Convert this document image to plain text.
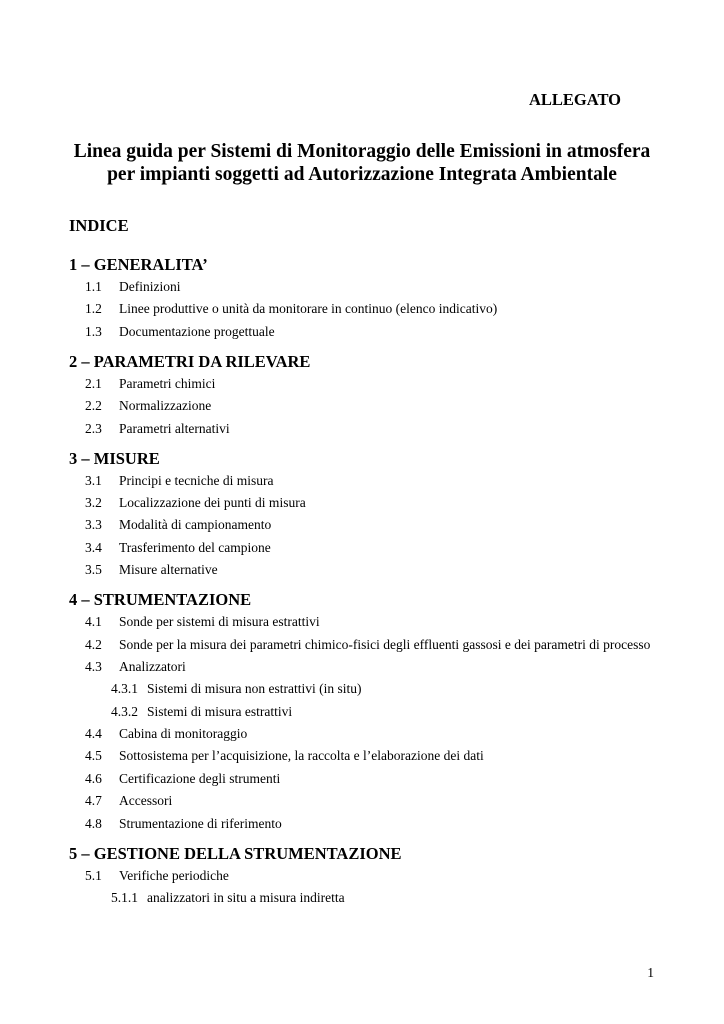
ALLEGATO

Linea guida per Sistemi di Monitoraggio delle Emissioni in atmosfera
per impianti soggetti ad Autorizzazione Integrata Ambientale

INDICE

1 – GENERALITA’
1.1	Definizioni
1.2	Linee produttive o unità da monitorare in continuo (elenco indicativo)
1.3	Documentazione progettuale
2 – PARAMETRI DA RILEVARE
2.1	Parametri chimici
2.2	Normalizzazione
2.3	Parametri alternativi
3 – MISURE
3.1	Principi e tecniche di misura
3.2	Localizzazione dei punti di misura
3.3	Modalità di campionamento
3.4	Trasferimento del campione
3.5	Misure alternative
4 – STRUMENTAZIONE
4.1	Sonde per sistemi di misura estrattivi
4.2	Sonde per la misura dei parametri chimico-fisici degli effluenti gassosi e dei parametri di processo
4.3	Analizzatori
4.3.1 Sistemi di misura non estrattivi (in situ)
4.3.2 Sistemi di misura estrattivi
4.4	Cabina di monitoraggio
4.5	Sottosistema per l’acquisizione, la raccolta e l’elaborazione dei dati
4.6	Certificazione degli strumenti
4.7	Accessori
4.8	Strumentazione di riferimento
5 – GESTIONE DELLA STRUMENTAZIONE
5.1	Verifiche periodiche
5.1.1 analizzatori in situ a misura indiretta

1
